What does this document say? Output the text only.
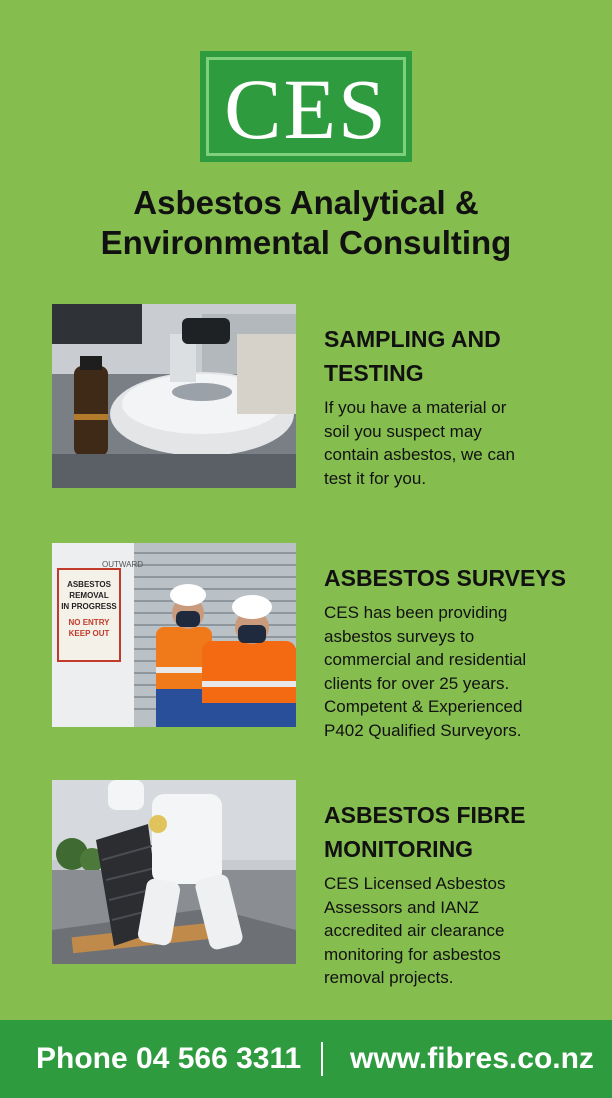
CES
Asbestos Analytical &
Environmental Consulting
SAMPLING AND
TESTING
If you have a material or
soil you suspect may
contain asbestos, we can
test it for you.
OUTWARD
ASBESTOS
REMOVAL
IN PROGRESS
NO ENTRY
KEEP OUT
ASBESTOS SURVEYS
CES has been providing
asbestos surveys to
commercial and residential
clients for over 25 years.
Competent & Experienced
P402 Qualified Surveyors.
ASBESTOS FIBRE
MONITORING
CES Licensed Asbestos
Assessors and IANZ
accredited air clearance
monitoring for asbestos
removal projects.
Phone 04 566 3311 www.fibres.co.nz
